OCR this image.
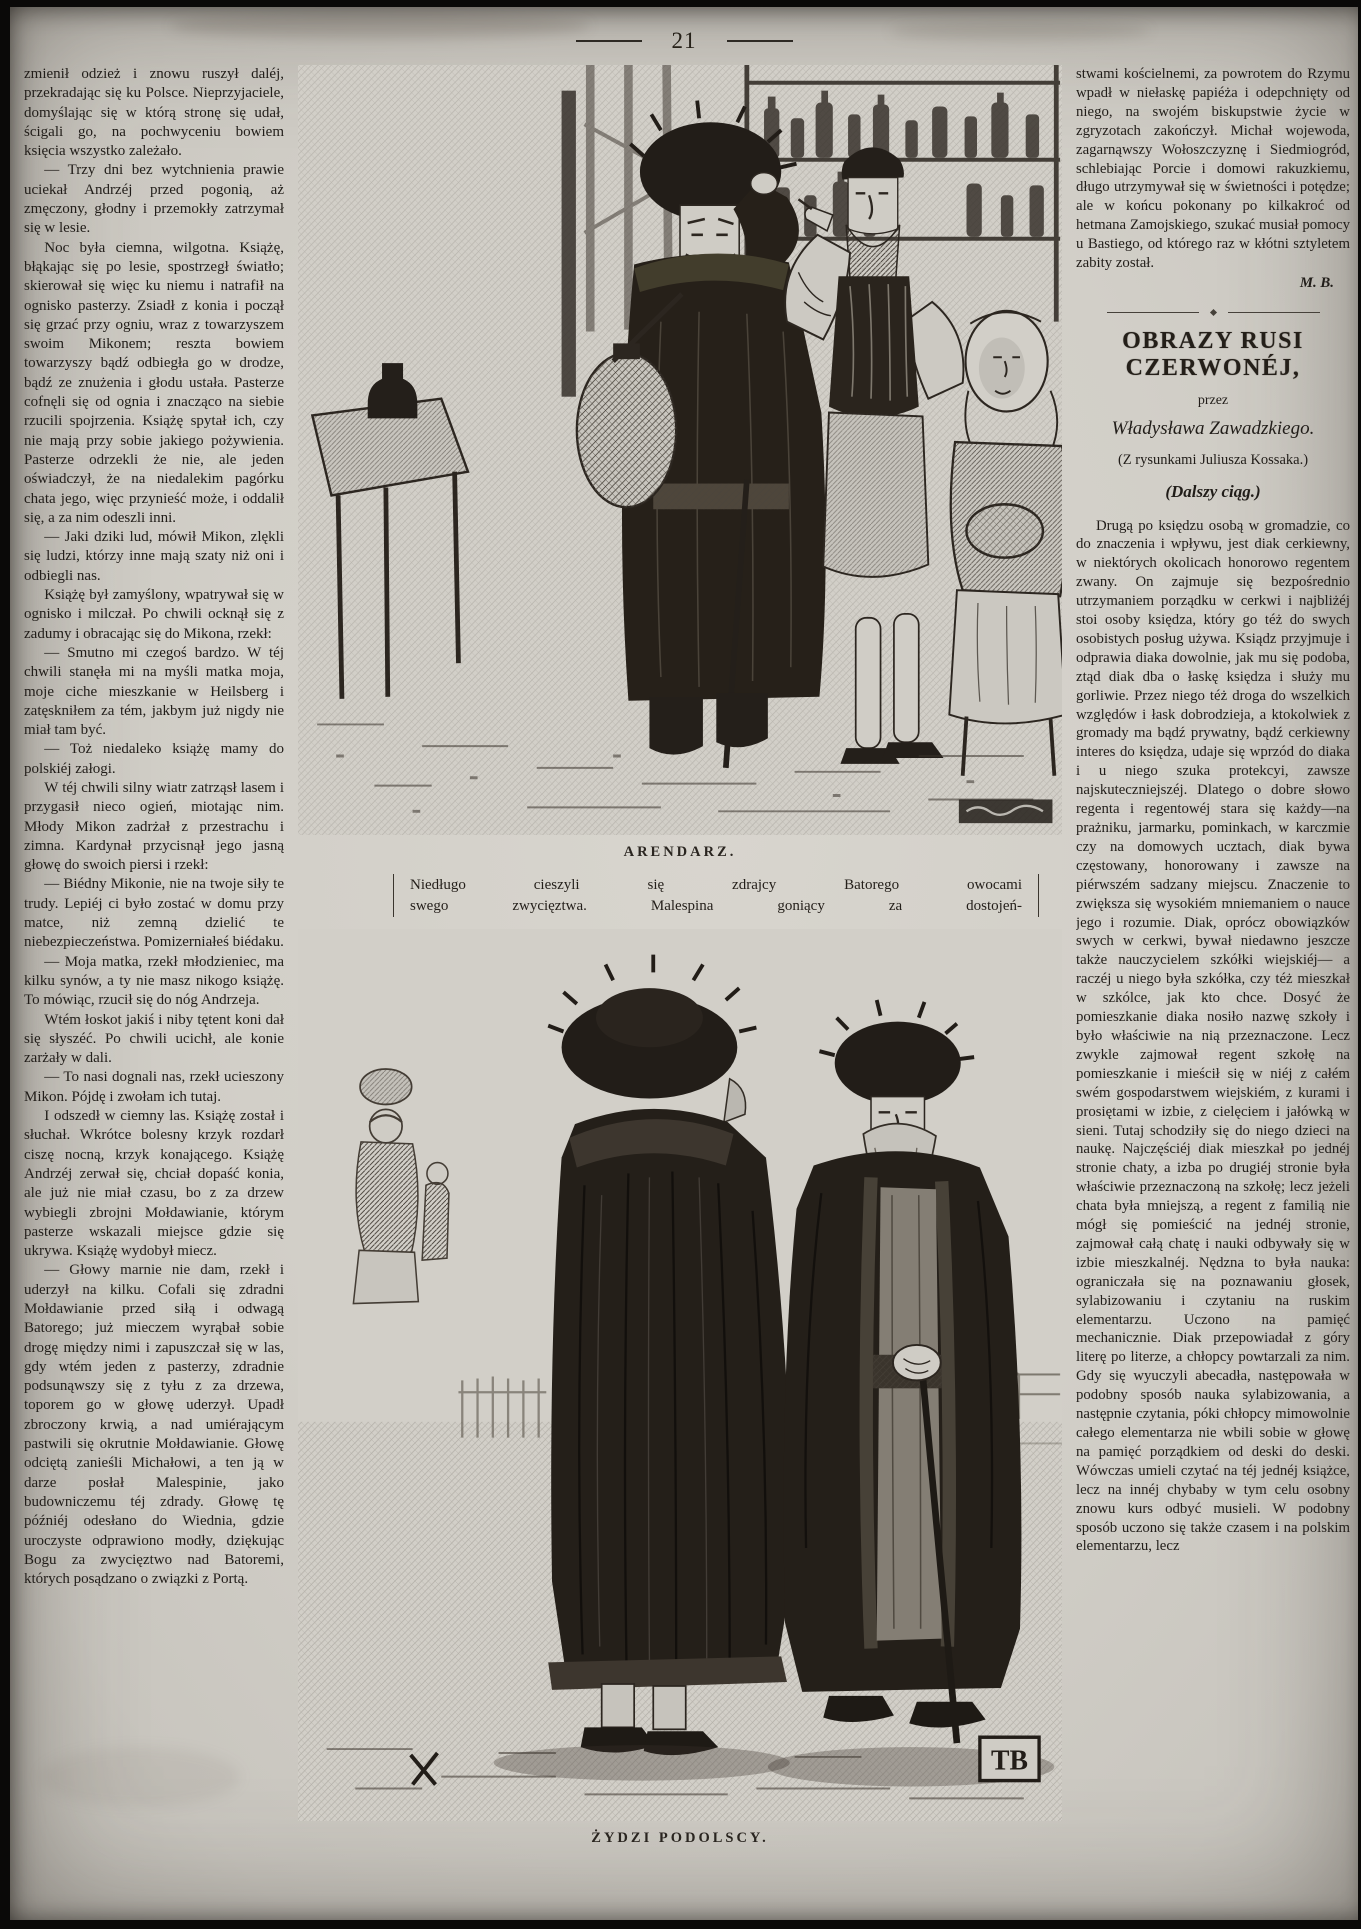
21

zmienił odzież i znowu ruszył daléj, przekradając się ku Polsce. Nieprzyjaciele, domyślając się w którą stronę się udał, ścigali go, na pochwyceniu bowiem księcia wszystko zależało.

— Trzy dni bez wytchnienia prawie uciekał Andrzéj przed pogonią, aż zmęczony, głodny i przemokły zatrzymał się w lesie.

Noc była ciemna, wilgotna. Książę, błąkając się po lesie, spostrzegł światło; skierował się więc ku niemu i natrafił na ognisko pasterzy. Zsiadł z konia i począł się grzać przy ogniu, wraz z towarzyszem swoim Mikonem; reszta bowiem towarzyszy bądź odbiegła go w drodze, bądź ze znużenia i głodu ustała. Pasterze cofnęli się od ognia i znacząco na siebie rzucili spojrzenia. Książę spytał ich, czy nie mają przy sobie jakiego pożywienia. Pasterze odrzekli że nie, ale jeden oświadczył, że na niedalekim pagórku chata jego, więc przynieść może, i oddalił się, a za nim odeszli inni.

— Jaki dziki lud, mówił Mikon, zlękli się ludzi, którzy inne mają szaty niż oni i odbiegli nas.

Książę był zamyślony, wpatrywał się w ognisko i milczał. Po chwili ocknął się z zadumy i obracając się do Mikona, rzekł:

— Smutno mi czegoś bardzo. W téj chwili stanęła mi na myśli matka moja, moje ciche mieszkanie w Heilsberg i zatęskniłem za tém, jakbym już nigdy nie miał tam być.

— Toż niedaleko książę mamy do polskiéj załogi.

W téj chwili silny wiatr zatrząsł lasem i przygasił nieco ogień, miotając nim. Młody Mikon zadrżał z przestrachu i zimna. Kardynał przycisnął jego jasną głowę do swoich piersi i rzekł:

— Biédny Mikonie, nie na twoje siły te trudy. Lepiéj ci było zostać w domu przy matce, niż zemną dzielić te niebezpieczeństwa. Pomizerniałeś biédaku.

— Moja matka, rzekł młodzieniec, ma kilku synów, a ty nie masz nikogo książę. To mówiąc, rzucił się do nóg Andrzeja.

Wtém łoskot jakiś i niby tętent koni dał się słyszéć. Po chwili ucichł, ale konie zarżały w dali.

— To nasi dognali nas, rzekł ucieszony Mikon. Pójdę i zwołam ich tutaj.

I odszedł w ciemny las. Książę został i słuchał. Wkrótce bolesny krzyk rozdarł ciszę nocną, krzyk konającego. Książę Andrzéj zerwał się, chciał dopaść konia, ale już nie miał czasu, bo z za drzew wybiegli zbrojni Mołdawianie, którym pasterze wskazali miejsce gdzie się ukrywa. Książę wydobył miecz.

— Głowy marnie nie dam, rzekł i uderzył na kilku. Cofali się zdradni Mołdawianie przed siłą i odwagą Batorego; już mieczem wyrąbał sobie drogę między nimi i zapuszczał się w las, gdy wtém jeden z pasterzy, zdradnie podsunąwszy się z tyłu z za drzewa, toporem go w głowę uderzył. Upadł zbroczony krwią, a nad umiérającym pastwili się okrutnie Mołdawianie. Głowę odciętą zanieśli Michałowi, a ten ją w darze posłał Malespinie, jako budowniczemu téj zdrady. Głowę tę późniéj odesłano do Wiednia, gdzie uroczyste odprawiono modły, dziękując Bogu za zwycięztwo nad Batoremi, których posądzano o związki z Portą.

ARENDARZ.
Niedługo cieszyli się zdrajcy Batorego owocami
swego zwycięztwa. Malespina goniący za dostojeń-
TB
ŻYDZI PODOLSCY.

stwami kościelnemi, za powrotem do Rzymu wpadł w niełaskę papiéża i odepchnięty od niego, na swojém biskupstwie życie w zgryzotach zakończył. Michał wojewoda, zagarnąwszy Wołoszczyznę i Siedmiogród, schlebiając Porcie i domowi rakuzkiemu, długo utrzymywał się w świetności i potędze; ale w końcu pokonany po kilkakroć od hetmana Zamojskiego, szukać musiał pomocy u Bastiego, od którego raz w kłótni sztyletem zabity został.

M. B.
OBRAZY RUSI CZERWONÉJ,
przez
Władysława Zawadzkiego.
(Z rysunkami Juliusza Kossaka.)
(Dalszy ciąg.)

Drugą po księdzu osobą w gromadzie, co do znaczenia i wpływu, jest diak cerkiewny, w niektórych okolicach honorowo regentem zwany. On zajmuje się bezpośrednio utrzymaniem porządku w cerkwi i najbliżéj stoi osoby księdza, który go téż do swych osobistych posług używa. Ksiądz przyjmuje i odprawia diaka dowolnie, jak mu się podoba, ztąd diak dba o łaskę księdza i służy mu gorliwie. Przez niego téż droga do wszelkich względów i łask dobrodzieja, a ktokolwiek z gromady ma bądź prywatny, bądź cerkiewny interes do księdza, udaje się wprzód do diaka i u niego szuka protekcyi, zawsze najskuteczniejszéj. Dlatego o dobre słowo regenta i regentowéj stara się każdy—na prażniku, jarmarku, pominkach, w karczmie czy na domowych ucztach, diak bywa częstowany, honorowany i zawsze na piérwszém sadzany miejscu. Znaczenie to zwiększa się wysokiém mniemaniem o nauce jego i rozumie. Diak, oprócz obowiązków swych w cerkwi, bywał niedawno jeszcze także nauczycielem szkółki wiejskiéj— a raczéj u niego była szkółka, czy téż mieszkał w szkólce, jak kto chce. Dosyć że pomieszkanie diaka nosiło nazwę szkoły i było właściwie na nią przeznaczone. Lecz zwykle zajmował regent szkołę na pomieszkanie i mieścił się w niéj z całém swém gospodarstwem wiejskiém, z kurami i prosiętami w izbie, z cielęciem i jałówką w sieni. Tutaj schodziły się do niego dzieci na naukę. Najczęściéj diak mieszkał po jednéj stronie chaty, a izba po drugiéj stronie była właściwie przeznaczoną na szkołę; lecz jeżeli chata była mniejszą, a regent z familią nie mógł się pomieścić na jednéj stronie, zajmował całą chatę i nauki odbywały się w izbie mieszkalnéj. Nędzna to była nauka: ograniczała się na poznawaniu głosek, sylabizowaniu i czytaniu na ruskim elementarzu. Uczono na pamięć mechanicznie. Diak przepowiadał z góry literę po literze, a chłopcy powtarzali za nim. Gdy się wyuczyli abecadła, następowała w podobny sposób nauka sylabizowania, a następnie czytania, póki chłopcy mimowolnie całego elementarza nie wbili sobie w głowę na pamięć porządkiem od deski do deski. Wówczas umieli czytać na téj jednéj książce, lecz na innéj chybaby w tym celu osobny znowu kurs odbyć musieli. W podobny sposób uczono się także czasem i na polskim elementarzu, lecz
